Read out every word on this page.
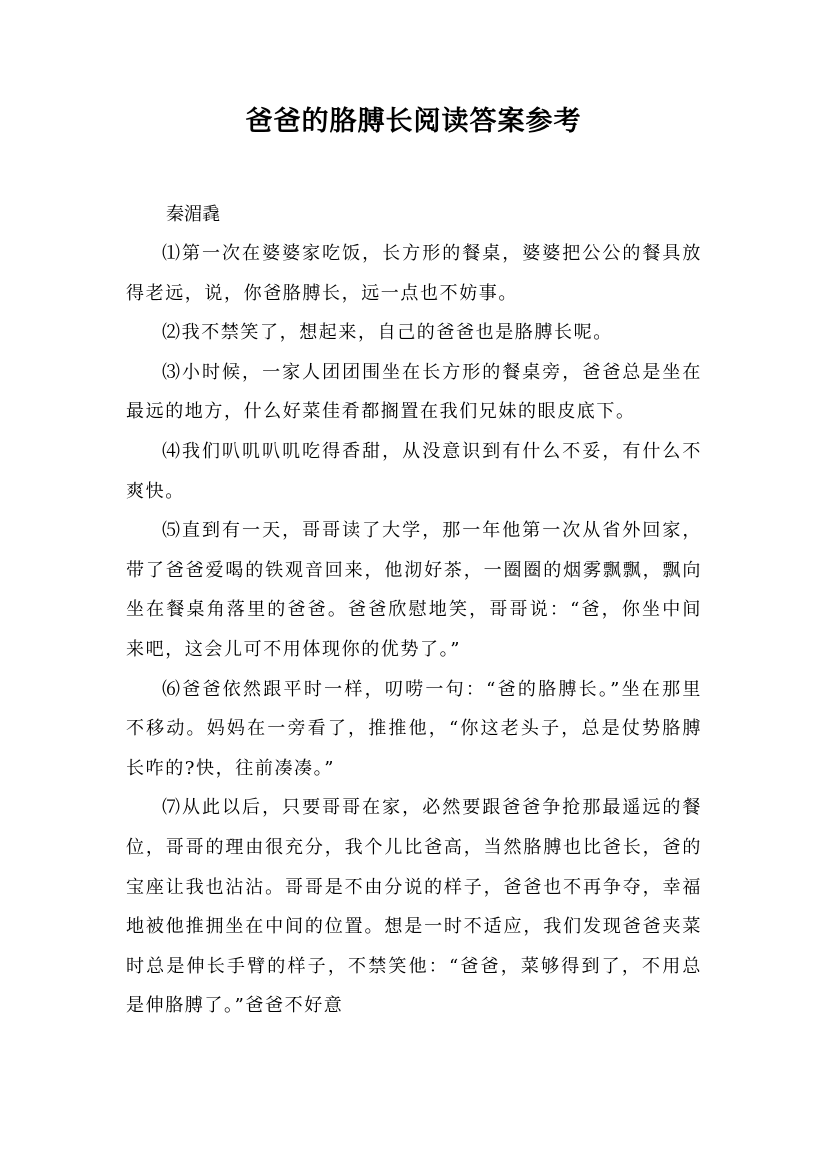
爸爸的胳膊长阅读答案参考

秦湄毳

⑴第一次在婆婆家吃饭，长方形的餐桌，婆婆把公公的餐具放得老远，说，你爸胳膊长，远一点也不妨事。

⑵我不禁笑了，想起来，自己的爸爸也是胳膊长呢。

⑶小时候，一家人团团围坐在长方形的餐桌旁，爸爸总是坐在最远的地方，什么好菜佳肴都搁置在我们兄妹的眼皮底下。

⑷我们叭叽叭叽吃得香甜，从没意识到有什么不妥，有什么不爽快。

⑸直到有一天，哥哥读了大学，那一年他第一次从省外回家，带了爸爸爱喝的铁观音回来，他沏好茶，一圈圈的烟雾飘飘，飘向坐在餐桌角落里的爸爸。爸爸欣慰地笑，哥哥说：“爸，你坐中间来吧，这会儿可不用体现你的优势了。”

⑹爸爸依然跟平时一样，叨唠一句：“爸的胳膊长。”坐在那里不移动。妈妈在一旁看了，推推他，“你这老头子，总是仗势胳膊长咋的?快，往前凑凑。”

⑺从此以后，只要哥哥在家，必然要跟爸爸争抢那最遥远的餐位，哥哥的理由很充分，我个儿比爸高，当然胳膊也比爸长，爸的宝座让我也沾沾。哥哥是不由分说的样子，爸爸也不再争夺，幸福地被他推拥坐在中间的位置。想是一时不适应，我们发现爸爸夹菜时总是伸长手臂的样子，不禁笑他：“爸爸，菜够得到了，不用总是伸胳膊了。”爸爸不好意
